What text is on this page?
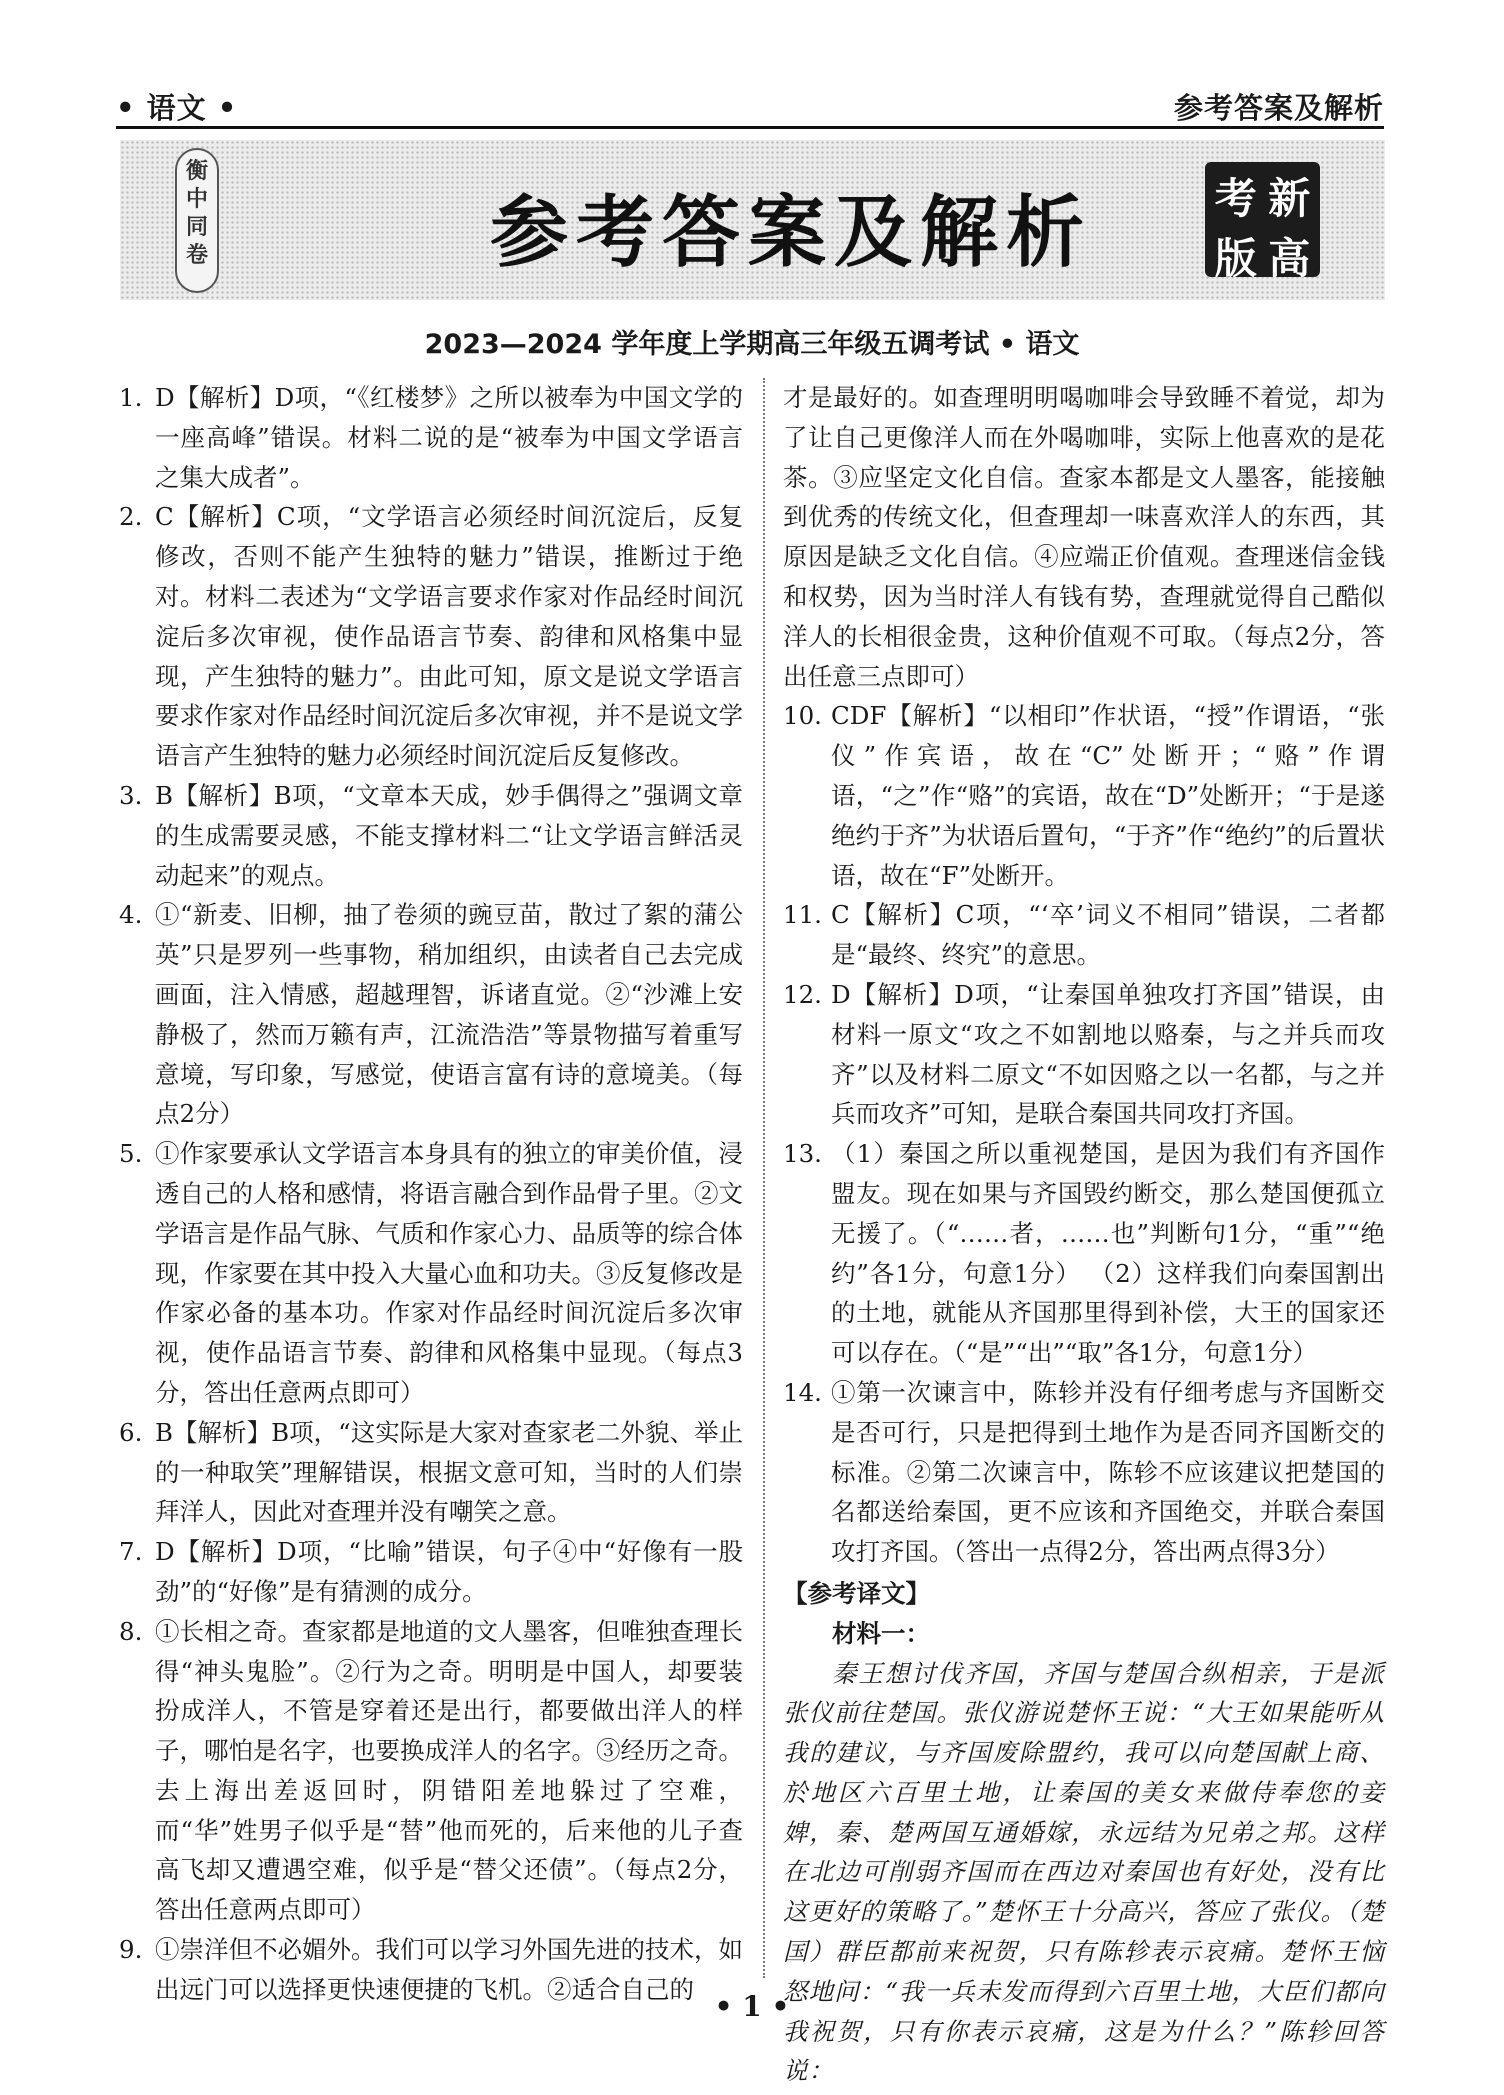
• 语文 •	参考答案及解析
衡
中
同
卷	参考答案及解析	考 新
版 高
2023—2024 学年度上学期高三年级五调考试 • 语文
1. D【解析】D项，“《红楼梦》之所以被奉为中国文学的一座高峰”错误。材料二说的是“被奉为中国文学语言之集大成者”。
2. C【解析】C项，“文学语言必须经时间沉淀后，反复修改，否则不能产生独特的魅力”错误，推断过于绝对。材料二表述为“文学语言要求作家对作品经时间沉淀后多次审视，使作品语言节奏、韵律和风格集中显现，产生独特的魅力”。由此可知，原文是说文学语言要求作家对作品经时间沉淀后多次审视，并不是说文学语言产生独特的魅力必须经时间沉淀后反复修改。
3. B【解析】B项，“文章本天成，妙手偶得之”强调文章的生成需要灵感，不能支撑材料二“让文学语言鲜活灵动起来”的观点。
4. ①“新麦、旧柳，抽了卷须的豌豆苗，散过了絮的蒲公英”只是罗列一些事物，稍加组织，由读者自己去完成画面，注入情感，超越理智，诉诸直觉。②“沙滩上安静极了，然而万籁有声，江流浩浩”等景物描写着重写意境，写印象，写感觉，使语言富有诗的意境美。（每点2分）
5. ①作家要承认文学语言本身具有的独立的审美价值，浸透自己的人格和感情，将语言融合到作品骨子里。②文学语言是作品气脉、气质和作家心力、品质等的综合体现，作家要在其中投入大量心血和功夫。③反复修改是作家必备的基本功。作家对作品经时间沉淀后多次审视，使作品语言节奏、韵律和风格集中显现。（每点3分，答出任意两点即可）
6. B【解析】B项，“这实际是大家对查家老二外貌、举止的一种取笑”理解错误，根据文意可知，当时的人们崇拜洋人，因此对查理并没有嘲笑之意。
7. D【解析】D项，“比喻”错误，句子④中“好像有一股劲”的“好像”是有猜测的成分。
8. ①长相之奇。查家都是地道的文人墨客，但唯独查理长得“神头鬼脸”。②行为之奇。明明是中国人，却要装扮成洋人，不管是穿着还是出行，都要做出洋人的样子，哪怕是名字，也要换成洋人的名字。③经历之奇。去上海出差返回时，阴错阳差地躲过了空难，而“华”姓男子似乎是“替”他而死的，后来他的儿子查高飞却又遭遇空难，似乎是“替父还债”。（每点2分，答出任意两点即可）
9. ①崇洋但不必媚外。我们可以学习外国先进的技术，如出远门可以选择更快速便捷的飞机。②适合自己的
才是最好的。如查理明明喝咖啡会导致睡不着觉，却为了让自己更像洋人而在外喝咖啡，实际上他喜欢的是花茶。③应坚定文化自信。查家本都是文人墨客，能接触到优秀的传统文化，但查理却一味喜欢洋人的东西，其原因是缺乏文化自信。④应端正价值观。查理迷信金钱和权势，因为当时洋人有钱有势，查理就觉得自己酷似洋人的长相很金贵，这种价值观不可取。（每点2分，答出任意三点即可）
10. CDF【解析】“以相印”作状语，“授”作谓语，“张仪”作宾语，故在“C”处断开；“赂”作谓语，“之”作“赂”的宾语，故在“D”处断开；“于是遂绝约于齐”为状语后置句，“于齐”作“绝约”的后置状语，故在“F”处断开。
11. C【解析】C项，“‘卒’词义不相同”错误，二者都是“最终、终究”的意思。
12. D【解析】D项，“让秦国单独攻打齐国”错误，由材料一原文“攻之不如割地以赂秦，与之并兵而攻齐”以及材料二原文“不如因赂之以一名都，与之并兵而攻齐”可知，是联合秦国共同攻打齐国。
13. （1）秦国之所以重视楚国，是因为我们有齐国作盟友。现在如果与齐国毁约断交，那么楚国便孤立无援了。（“……者，……也”判断句1分，“重”“绝约”各1分，句意1分） （2）这样我们向秦国割出的土地，就能从齐国那里得到补偿，大王的国家还可以存在。（“是”“出”“取”各1分，句意1分）
14. ①第一次谏言中，陈轸并没有仔细考虑与齐国断交是否可行，只是把得到土地作为是否同齐国断交的标准。②第二次谏言中，陈轸不应该建议把楚国的名都送给秦国，更不应该和齐国绝交，并联合秦国攻打齐国。（答出一点得2分，答出两点得3分）
【参考译文】
材料一：
秦王想讨伐齐国，齐国与楚国合纵相亲，于是派张仪前往楚国。张仪游说楚怀王说：“大王如果能听从我的建议，与齐国废除盟约，我可以向楚国献上商、於地区六百里土地，让秦国的美女来做侍奉您的妾婢，秦、楚两国互通婚嫁，永远结为兄弟之邦。这样在北边可削弱齐国而在西边对秦国也有好处，没有比这更好的策略了。”楚怀王十分高兴，答应了张仪。（楚国）群臣都前来祝贺，只有陈轸表示哀痛。楚怀王恼怒地问：“我一兵未发而得到六百里土地，大臣们都向我祝贺，只有你表示哀痛，这是为什么？”陈轸回答说：
• 1 •
